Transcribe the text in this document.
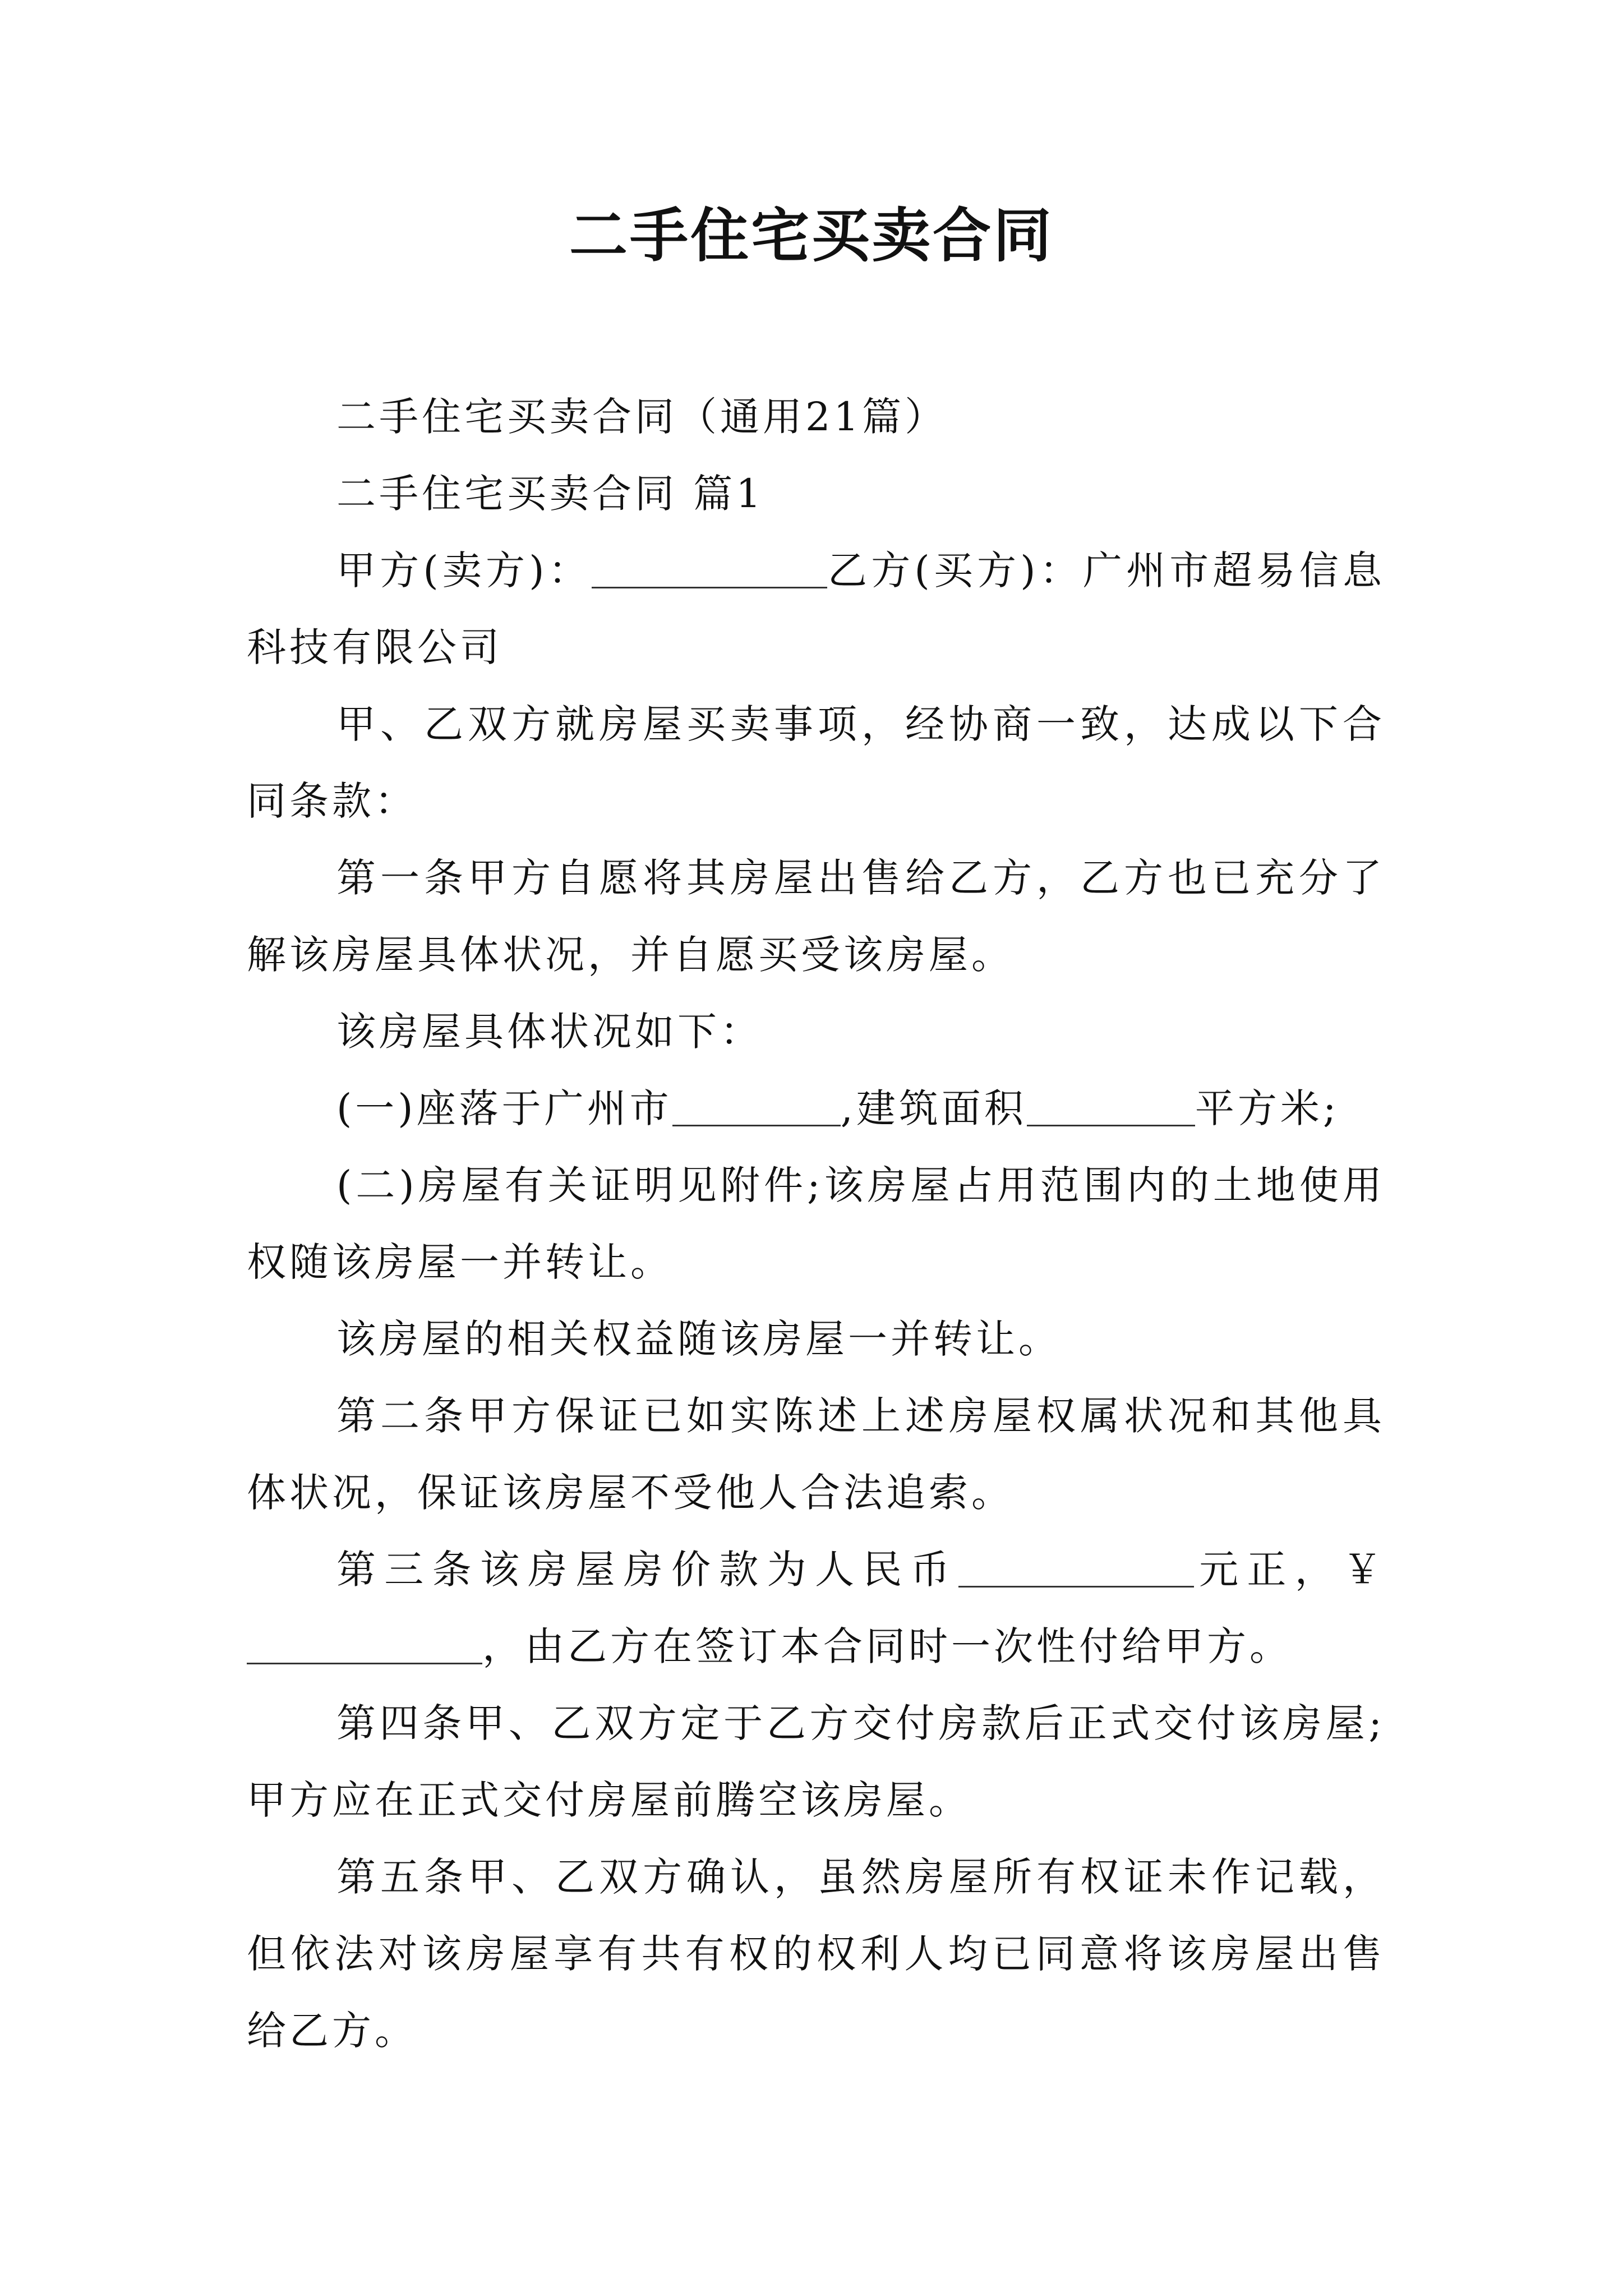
二手住宅买卖合同

二手住宅买卖合同（通用21篇）

二手住宅买卖合同 篇1

甲方(卖方)：	乙方(买方)：广州市超易信息科技有限公司

甲、乙双方就房屋买卖事项，经协商一致，达成以下合同条款：

第一条甲方自愿将其房屋出售给乙方，乙方也已充分了解该房屋具体状况，并自愿买受该房屋。

该房屋具体状况如下：

(一)座落于广州市	,建筑面积	平方米;

(二)房屋有关证明见附件;该房屋占用范围内的土地使用权随该房屋一并转让。

该房屋的相关权益随该房屋一并转让。

第二条甲方保证已如实陈述上述房屋权属状况和其他具体状况，保证该房屋不受他人合法追索。

第三条该房屋房价款为人民币	元正，￥，由乙方在签订本合同时一次性付给甲方。

第四条甲、乙双方定于乙方交付房款后正式交付该房屋;甲方应在正式交付房屋前腾空该房屋。

第五条甲、乙双方确认，虽然房屋所有权证未作记载，但依法对该房屋享有共有权的权利人均已同意将该房屋出售给乙方。
